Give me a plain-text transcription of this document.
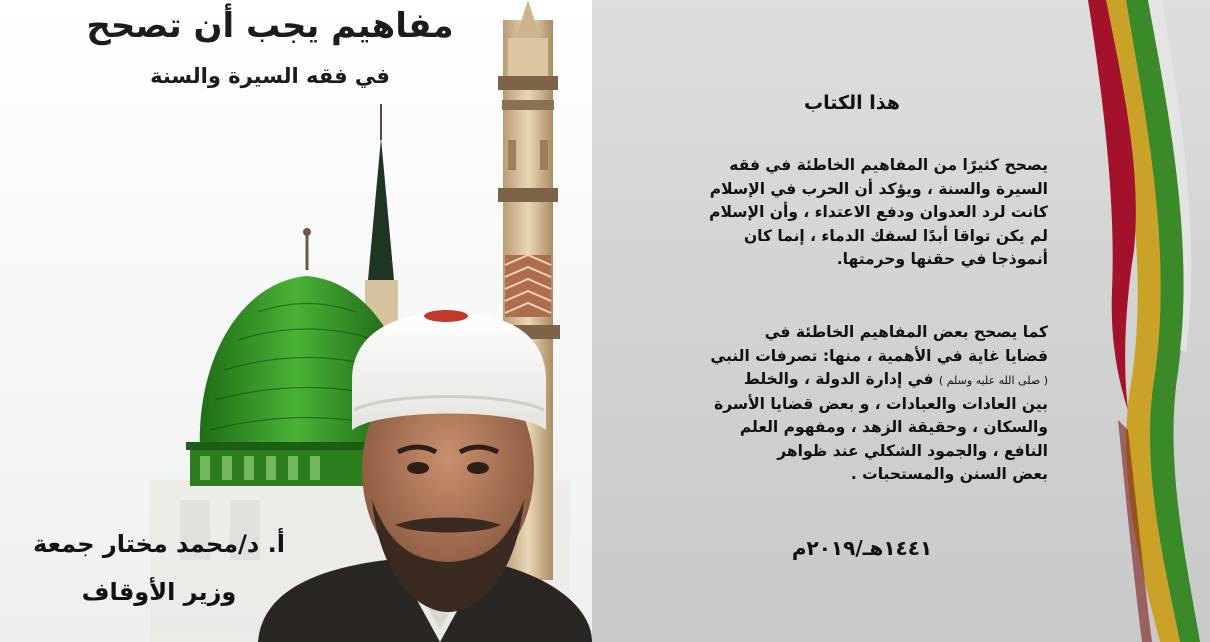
مفاهيم يجب أن تصحح
في فقه السيرة والسنة
أ. د/محمد مختار جمعة
وزير الأوقاف
هذا الكتاب

يصحح كثيرًا من المفاهيم الخاطئة في فقه
السيرة والسنة ، ويؤكد أن الحرب في الإسلام
كانت لرد العدوان ودفع الاعتداء ، وأن الإسلام
لم يكن تواقا أبدًا لسفك الدماء ، إنما كان
أنموذجا في حقنها وحرمتها.

كما يصحح بعض المفاهيم الخاطئة في
قضايا غاية في الأهمية ، منها: تصرفات النبي
( صلى الله عليه وسلم ) في إدارة الدولة ، والخلط
بين العادات والعبادات ، و بعض قضايا الأسرة
والسكان ، وحقيقة الزهد ، ومفهوم العلم
النافع ، والجمود الشكلي عند ظواهر
بعض السنن والمستحبات .

١٤٤١هـ/٢٠١٩م
